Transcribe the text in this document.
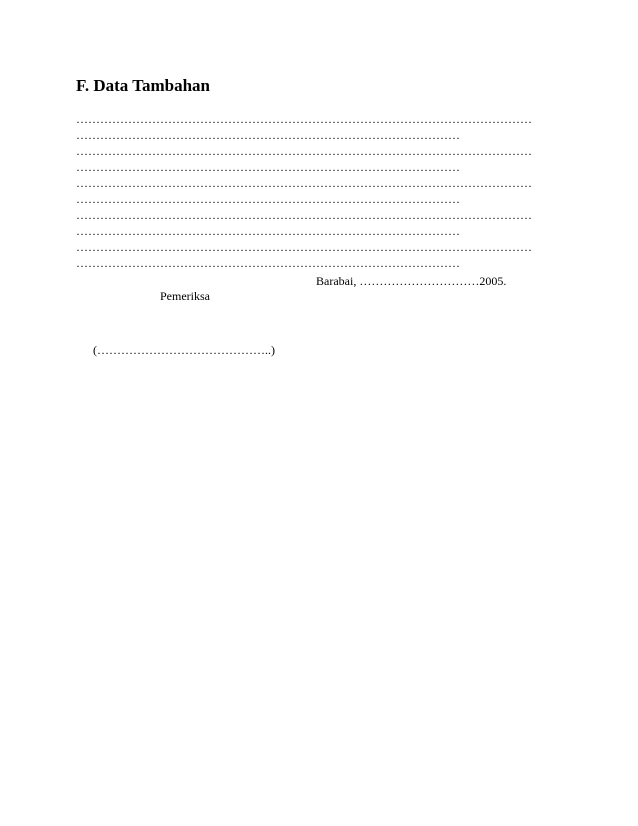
F. Data Tambahan
……………………………………………………………………………………………………
……………………………………………………………………………………
……………………………………………………………………………………………………
……………………………………………………………………………………
……………………………………………………………………………………………………
……………………………………………………………………………………
……………………………………………………………………………………………………
……………………………………………………………………………………
……………………………………………………………………………………………………
……………………………………………………………………………………
Barabai, …………………………2005.
Pemeriksa
(……………………………………..)
